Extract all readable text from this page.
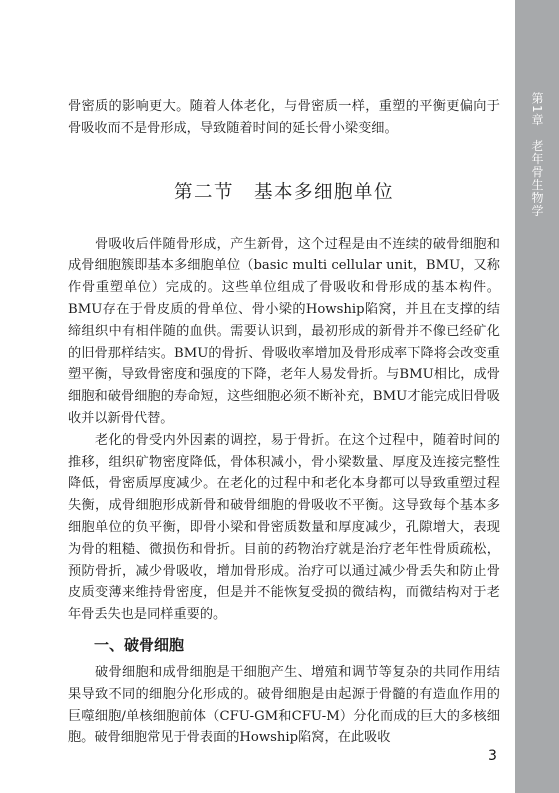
第1章　老年骨生物学

骨密质的影响更大。随着人体老化，与骨密质一样，重塑的平衡更偏向于骨吸收而不是骨形成，导致随着时间的延长骨小梁变细。

第二节　基本多细胞单位

骨吸收后伴随骨形成，产生新骨，这个过程是由不连续的破骨细胞和成骨细胞簇即基本多细胞单位（basic multi cellular unit，BMU，又称作骨重塑单位）完成的。这些单位组成了骨吸收和骨形成的基本构件。BMU存在于骨皮质的骨单位、骨小梁的Howship陷窝，并且在支撑的结缔组织中有相伴随的血供。需要认识到，最初形成的新骨并不像已经矿化的旧骨那样结实。BMU的骨折、骨吸收率增加及骨形成率下降将会改变重塑平衡，导致骨密度和强度的下降，老年人易发骨折。与BMU相比，成骨细胞和破骨细胞的寿命短，这些细胞必须不断补充，BMU才能完成旧骨吸收并以新骨代替。

老化的骨受内外因素的调控，易于骨折。在这个过程中，随着时间的推移，组织矿物密度降低，骨体积减小，骨小梁数量、厚度及连接完整性降低，骨密质厚度减少。在老化的过程中和老化本身都可以导致重塑过程失衡，成骨细胞形成新骨和破骨细胞的骨吸收不平衡。这导致每个基本多细胞单位的负平衡，即骨小梁和骨密质数量和厚度减少，孔隙增大，表现为骨的粗糙、微损伤和骨折。目前的药物治疗就是治疗老年性骨质疏松，预防骨折，减少骨吸收，增加骨形成。治疗可以通过减少骨丢失和防止骨皮质变薄来维持骨密度，但是并不能恢复受损的微结构，而微结构对于老年骨丢失也是同样重要的。

一、破骨细胞

破骨细胞和成骨细胞是干细胞产生、增殖和调节等复杂的共同作用结果导致不同的细胞分化形成的。破骨细胞是由起源于骨髓的有造血作用的巨噬细胞/单核细胞前体（CFU-GM和CFU-M）分化而成的巨大的多核细胞。破骨细胞常见于骨表面的Howship陷窝，在此吸收

3
